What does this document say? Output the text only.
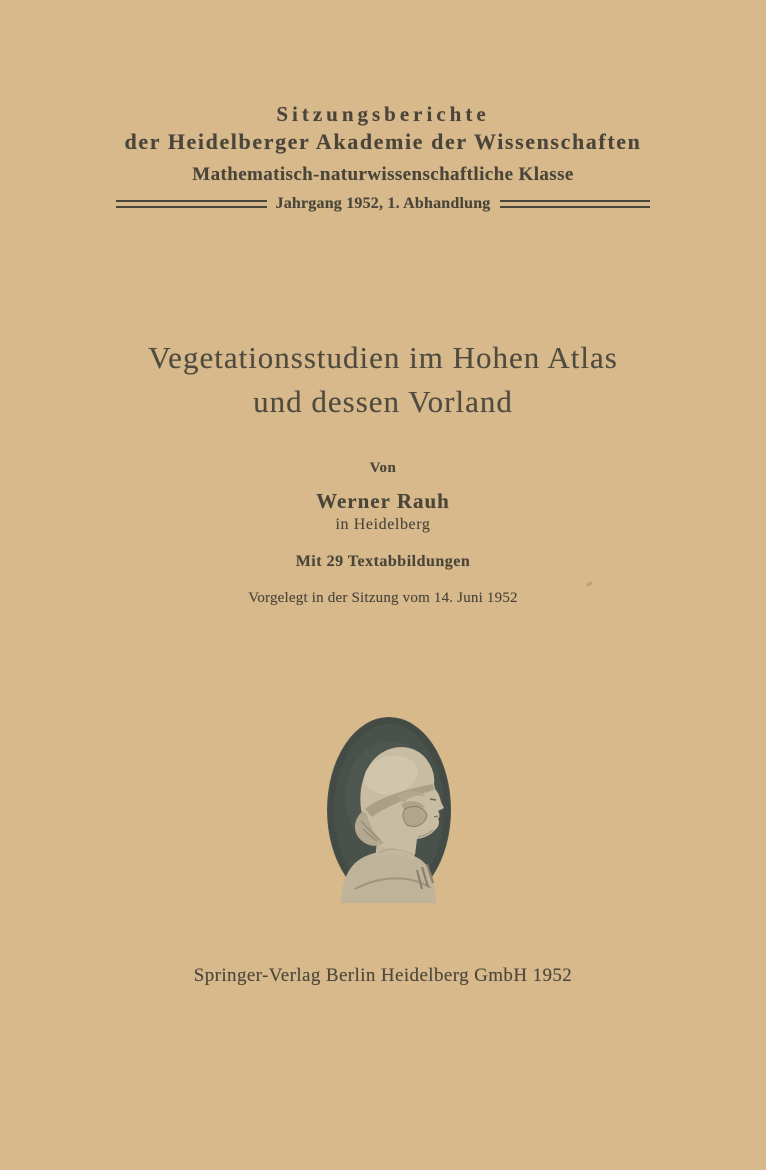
Sitzungsberichte
der Heidelberger Akademie der Wissenschaften
Mathematisch-naturwissenschaftliche Klasse
Jahrgang 1952, 1. Abhandlung
Vegetationsstudien im Hohen Atlas
und dessen Vorland
Von
Werner Rauh
in Heidelberg
Mit 29 Textabbildungen
Vorgelegt in der Sitzung vom 14. Juni 1952
Springer-Verlag Berlin Heidelberg GmbH 1952
